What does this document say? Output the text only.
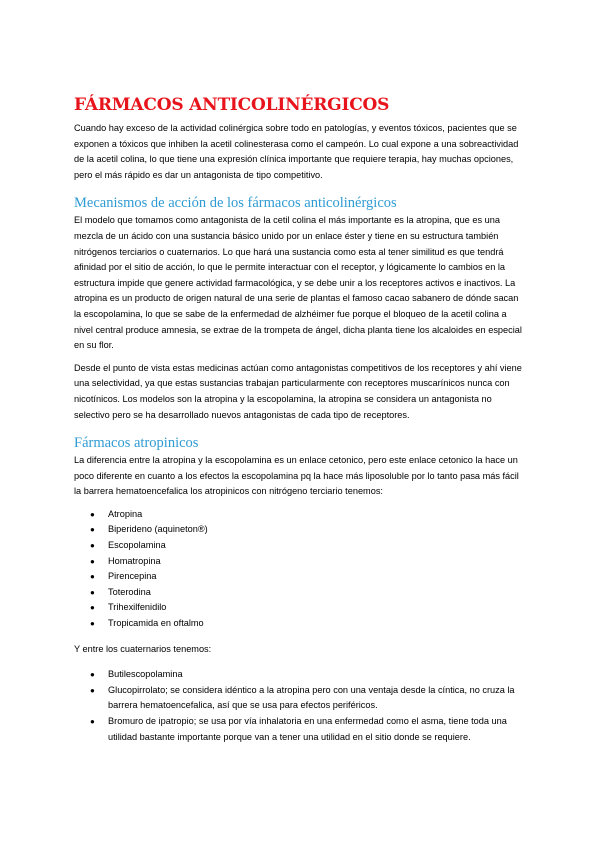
FÁRMACOS ANTICOLINÉRGICOS

Cuando hay exceso de la actividad colinérgica sobre todo en patologías, y eventos tóxicos, pacientes que se exponen a tóxicos que inhiben la acetil colinesterasa como el campeón. Lo cual expone a una sobreactividad de la acetil colina, lo que tiene una expresión clínica importante que requiere terapia, hay muchas opciones, pero el más rápido es dar un antagonista de tipo competitivo.

Mecanismos de acción de los fármacos anticolinérgicos

El modelo que tomamos como antagonista de la cetil colina el más importante es la atropina, que es una mezcla de un ácido con una sustancia básico unido por un enlace éster y tiene en su estructura también nitrógenos terciarios o cuaternarios. Lo que hará una sustancia como esta al tener similitud es que tendrá afinidad por el sitio de acción, lo que le permite interactuar con el receptor, y lógicamente lo cambios en la estructura impide que genere actividad farmacológica, y se debe unir a los receptores activos e inactivos. La atropina es un producto de origen natural de una serie de plantas el famoso cacao sabanero de dónde sacan la escopolamina, lo que se sabe de la enfermedad de alzhéimer fue porque el bloqueo de la acetil colina a nivel central produce amnesia, se extrae de la trompeta de ángel, dicha planta tiene los alcaloides en especial en su flor.

Desde el punto de vista estas medicinas actúan como antagonistas competitivos de los receptores y ahí viene una selectividad, ya que estas sustancias trabajan particularmente con receptores muscarínicos nunca con nicotínicos. Los modelos son la atropina y la escopolamina, la atropina se considera un antagonista no selectivo pero se ha desarrollado nuevos antagonistas de cada tipo de receptores.

Fármacos atropinicos

La diferencia entre la atropina y la escopolamina es un enlace cetonico, pero este enlace cetonico la hace un poco diferente en cuanto a los efectos la escopolamina pq la hace más liposoluble por lo tanto pasa más fácil la barrera hematoencefalica los atropinicos con nitrógeno terciario tenemos:

● Atropina
● Biperideno (aquineton®)
● Escopolamina
● Homatropina
● Pirencepina
● Toterodina
● Trihexilfenidilo
● Tropicamida en oftalmo

Y entre los cuaternarios tenemos:

● Butilescopolamina
● Glucopirrolato; se considera idéntico a la atropina pero con una ventaja desde la cíntica, no cruza la barrera hematoencefalica, así que se usa para efectos periféricos.
● Bromuro de ipatropio; se usa por vía inhalatoria en una enfermedad como el asma, tiene toda una utilidad bastante importante porque van a tener una utilidad en el sitio donde se requiere.
